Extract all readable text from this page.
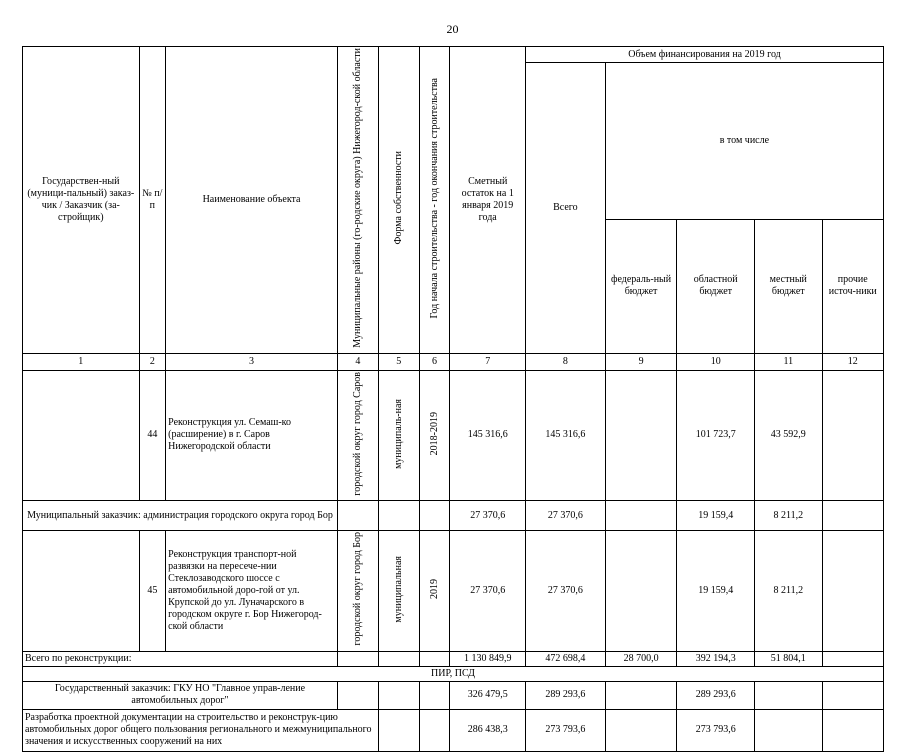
20
Государствен-ный (муници-пальный) заказ-чик / Заказчик (за-стройщик)	№ п/п	Наименование объекта	Муниципальные районы (го-родские округа) Нижегород-ской области	Форма собственности	Год начала строительства - год окончания строительства	Сметный остаток на 1 января 2019 года	Объем финансирования на 2019 год				
							Всего	в том числе			
								федераль-ный бюджет	областной бюджет	местный бюджет	прочие источ-ники
1	2	3	4	5	6	7	8	9	10	11	12
	44	Реконструкция ул. Семаш-ко (расширение) в г. Саров Нижегородской области	городской округ город Саров	муниципаль-ная	2018-2019	145 316,6	145 316,6		101 723,7	43 592,9	
Муниципальный заказчик: администрация городского округа город Бор						27 370,6	27 370,6		19 159,4	8 211,2	
	45	Реконструкция транспорт-ной развязки на пересече-нии Стеклозаводского шоссе с автомобильной доро-гой от ул. Крупской до ул. Луначарского в городском округе г. Бор Нижегород-ской области	городской округ город Бор	муниципальная	2019	27 370,6	27 370,6		19 159,4	8 211,2	
Всего по реконструкции:						1 130 849,9	472 698,4	28 700,0	392 194,3	51 804,1	
ПИР, ПСД											
Государственный заказчик: ГКУ НО "Главное управ-ление автомобильных дорог"						326 479,5	289 293,6		289 293,6		
Разработка проектной документации на строительство и реконструк-цию автомобильных дорог общего пользования регионального и межмуниципального значения и искусственных сооружений на них						286 438,3	273 793,6		273 793,6		
